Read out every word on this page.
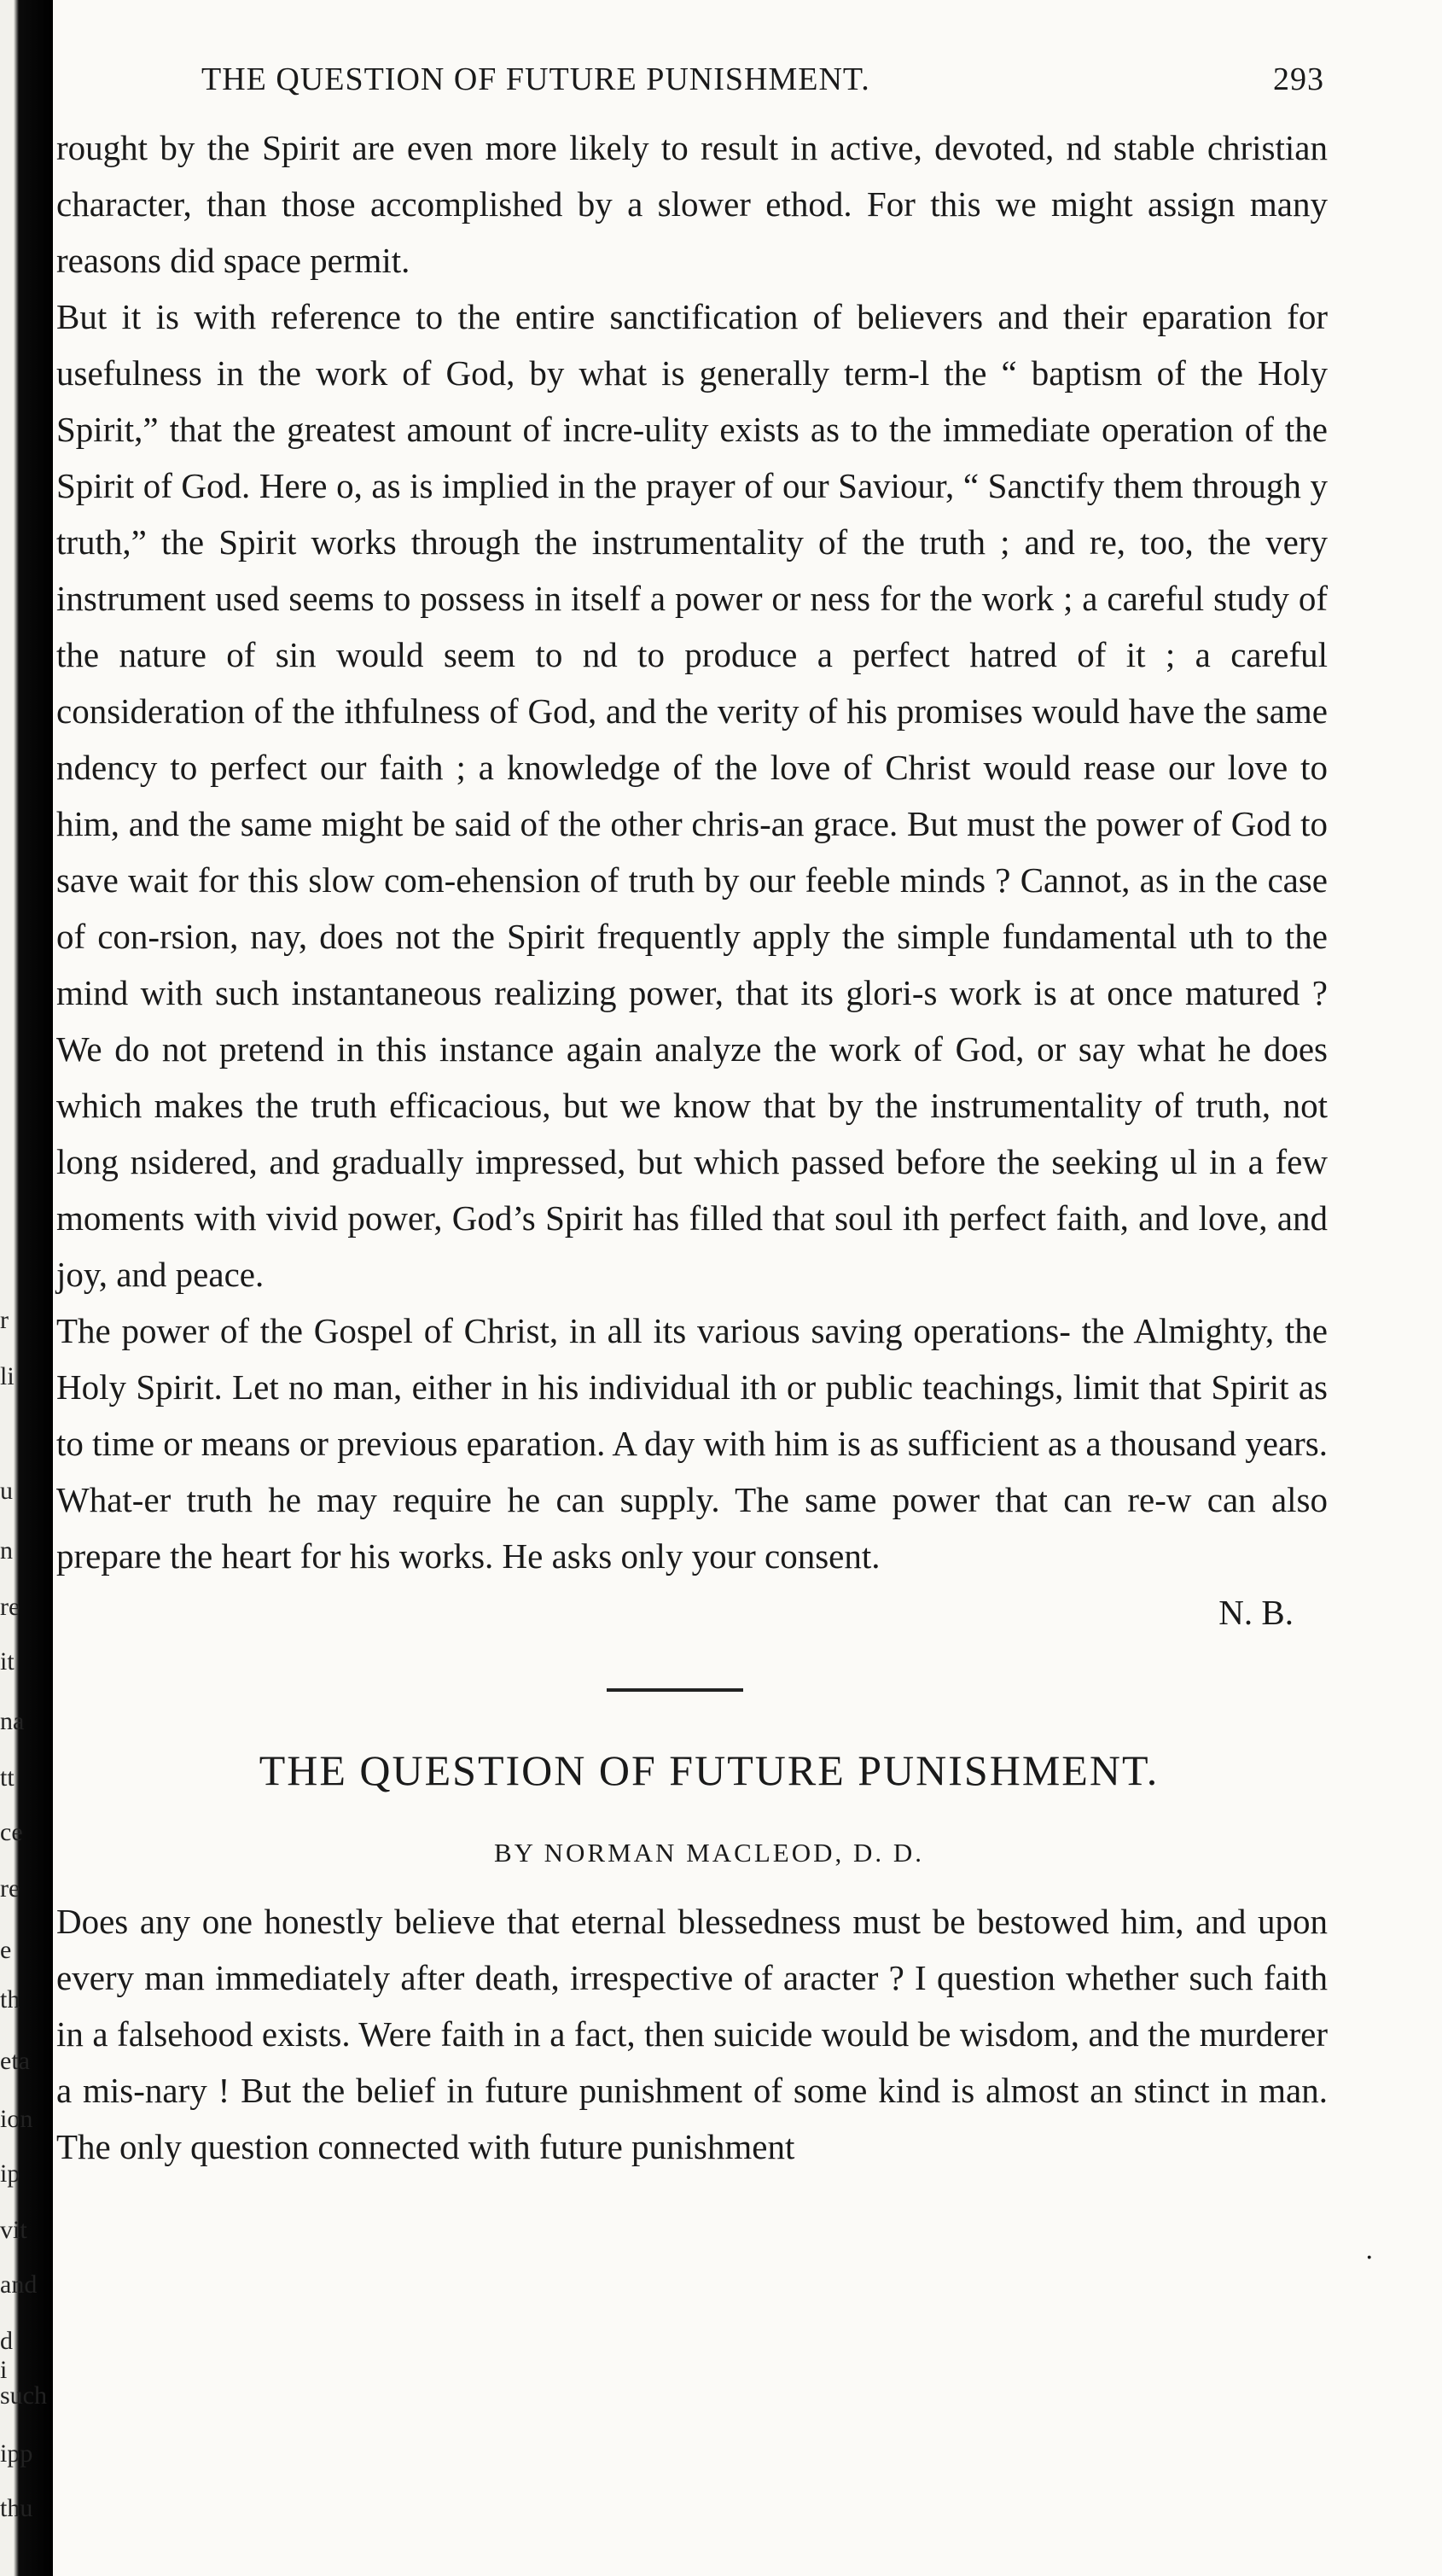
r
li
u
n
re
it
na
tt
ce
re
e
th
eta
ion
ip
vit
and
d i
such
ipp
thu
THE QUESTION OF FUTURE PUNISHMENT.	293

rought by the Spirit are even more likely to result in active, devoted, nd stable christian character, than those accomplished by a slower ethod. For this we might assign many reasons did space permit.

But it is with reference to the entire sanctification of believers and their eparation for usefulness in the work of God, by what is generally term-l the “ baptism of the Holy Spirit,” that the greatest amount of incre-ulity exists as to the immediate operation of the Spirit of God. Here o, as is implied in the prayer of our Saviour, “ Sanctify them through y truth,” the Spirit works through the instrumentality of the truth ; and re, too, the very instrument used seems to possess in itself a power or ness for the work ; a careful study of the nature of sin would seem to nd to produce a perfect hatred of it ; a careful consideration of the ithfulness of God, and the verity of his promises would have the same ndency to perfect our faith ; a knowledge of the love of Christ would rease our love to him, and the same might be said of the other chris-an grace. But must the power of God to save wait for this slow com-ehension of truth by our feeble minds ? Cannot, as in the case of con-rsion, nay, does not the Spirit frequently apply the simple fundamental uth to the mind with such instantaneous realizing power, that its glori-s work is at once matured ? We do not pretend in this instance again analyze the work of God, or say what he does which makes the truth efficacious, but we know that by the instrumentality of truth, not long nsidered, and gradually impressed, but which passed before the seeking ul in a few moments with vivid power, God’s Spirit has filled that soul ith perfect faith, and love, and joy, and peace.

The power of the Gospel of Christ, in all its various saving operations- the Almighty, the Holy Spirit. Let no man, either in his individual ith or public teachings, limit that Spirit as to time or means or previous eparation. A day with him is as sufficient as a thousand years. What-er truth he may require he can supply. The same power that can re-w can also prepare the heart for his works. He asks only your consent.

N. B.

THE QUESTION OF FUTURE PUNISHMENT.
BY NORMAN MACLEOD, D. D.

Does any one honestly believe that eternal blessedness must be bestowed him, and upon every man immediately after death, irrespective of aracter ? I question whether such faith in a falsehood exists. Were faith in a fact, then suicide would be wisdom, and the murderer a mis-nary ! But the belief in future punishment of some kind is almost an stinct in man. The only question connected with future punishment

·
